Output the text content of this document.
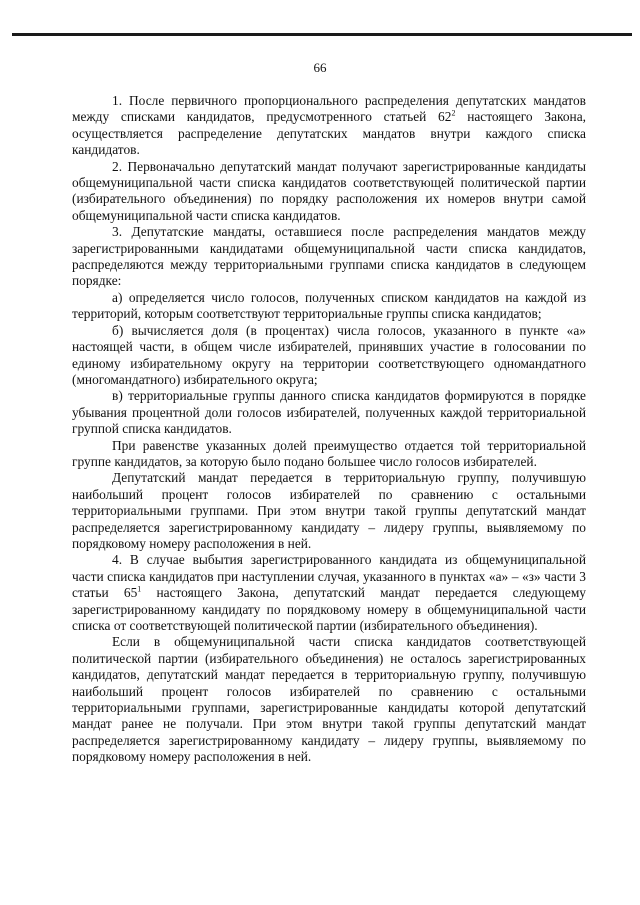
66

1. После первичного пропорционального распределения депутатских мандатов между списками кандидатов, предусмотренного статьей $62^2$ настоящего Закона, осуществляется распределение депутатских мандатов внутри каждого списка кандидатов.

2. Первоначально депутатский мандат получают зарегистрированные кандидаты общемуниципальной части списка кандидатов соответствующей политической партии (избирательного объединения) по порядку расположения их номеров внутри самой общемуниципальной части списка кандидатов.

3. Депутатские мандаты, оставшиеся после распределения мандатов между зарегистрированными кандидатами общемуниципальной части списка кандидатов, распределяются между территориальными группами списка кандидатов в следующем порядке:

а) определяется число голосов, полученных списком кандидатов на каждой из территорий, которым соответствуют территориальные группы списка кандидатов;

б) вычисляется доля (в процентах) числа голосов, указанного в пункте «а» настоящей части, в общем числе избирателей, принявших участие в голосовании по единому избирательному округу на территории соответствующего одномандатного (многомандатного) избирательного округа;

в) территориальные группы данного списка кандидатов формируются в порядке убывания процентной доли голосов избирателей, полученных каждой территориальной группой списка кандидатов.

При равенстве указанных долей преимущество отдается той территориальной группе кандидатов, за которую было подано большее число голосов избирателей.

Депутатский мандат передается в территориальную группу, получившую наибольший процент голосов избирателей по сравнению с остальными территориальными группами. При этом внутри такой группы депутатский мандат распределяется зарегистрированному кандидату – лидеру группы, выявляемому по порядковому номеру расположения в ней.

4. В случае выбытия зарегистрированного кандидата из общемуниципальной части списка кандидатов при наступлении случая, указанного в пунктах «а» – «з» части 3 статьи $65^1$ настоящего Закона, депутатский мандат передается следующему зарегистрированному кандидату по порядковому номеру в общемуниципальной части списка от соответствующей политической партии (избирательного объединения).

Если в общемуниципальной части списка кандидатов соответствующей политической партии (избирательного объединения) не осталось зарегистрированных кандидатов, депутатский мандат передается в территориальную группу, получившую наибольший процент голосов избирателей по сравнению с остальными территориальными группами, зарегистрированные кандидаты которой депутатский мандат ранее не получали. При этом внутри такой группы депутатский мандат распределяется зарегистрированному кандидату – лидеру группы, выявляемому по порядковому номеру расположения в ней.
